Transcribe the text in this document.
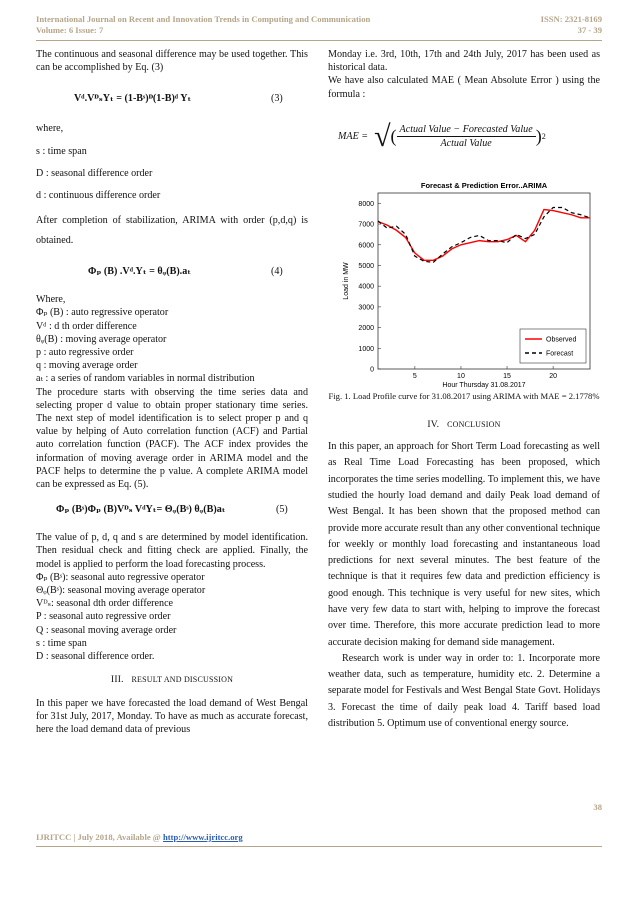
International Journal on Recent and Innovation Trends in Computing and Communication
Volume: 6 Issue: 7
ISSN: 2321-8169
37 - 39

The continuous and seasonal difference may be used together. This can be accomplished by Eq. (3)

Vᵈ.VᴰₛYₜ = (1-Bˢ)ᴰ(1-B)ᵈ Yₜ	(3)

where,

s : time span

D : seasonal difference order

d : continuous difference order

After completion of stabilization, ARIMA with order (p,d,q) is obtained.

Φₚ (B) .Vᵈ.Yₜ = θᵩ(B).aₜ	(4)

Where,

Φₚ (B) : auto regressive operator

Vᵈ : d th order difference

θᵩ(B) : moving average operator

p : auto regressive order

q : moving average order

aₜ : a series of random variables in normal distribution

The procedure starts with observing the time series data and selecting proper d value to obtain proper stationary time series. The next step of model identification is to select proper p and q value by helping of Auto correlation function (ACF) and Partial auto correlation function (PACF). The ACF index provides the information of moving average order in ARIMA model and the PACF helps to determine the p value. A complete ARIMA model can be expressed as Eq. (5).

Φₚ (Bˢ)Φₚ (B)Vᴰₛ VᵈYₜ= Θᵩ(Bˢ) θᵩ(B)aₜ	(5)

The value of p, d, q and s are determined by model identification. Then residual check and fitting check are applied. Finally, the model is applied to perform the load forecasting process.

Φₚ (Bˢ): seasonal auto regressive operator

Θᵩ(Bˢ): seasonal moving average operator

Vᴰₛ: seasonal dth order difference

P : seasonal auto regressive order

Q : seasonal moving average order

s : time span

D : seasonal difference order.

III. RESULT AND DISCUSSION

In this paper we have forecasted the load demand of West Bengal for 31st July, 2017, Monday. To have as much as accurate forecast, here the load demand data of previous

Monday i.e. 3rd, 10th, 17th and 24th July, 2017 has been used as historical data.

We have also calculated MAE ( Mean Absolute Error ) using the formula :

MAE = √ ( $\frac{\text{Actual Value − Forecasted Value}}{\text{Actual Value}}$ ) 2
Forecast & Prediction Error..ARIMA
0
1000
2000
3000
4000
5000
6000
7000
8000
5	10	15	20
Hour Thursday 31.08.2017
Load in MW
Observed
Forecast

Fig. 1. Load Profile curve for 31.08.2017 using ARIMA with MAE = 2.1778%

IV. CONCLUSION

In this paper, an approach for Short Term Load forecasting as well as Real Time Load Forecasting has been proposed, which incorporates the time series modelling. To implement this, we have studied the hourly load demand and daily Peak load demand of West Bengal. It has been shown that the proposed method can provide more accurate result than any other conventional technique for weekly or monthly load forecasting and instantaneous load predictions for next several minutes. The best feature of the technique is that it requires few data and prediction efficiency is good enough. This technique is very useful for new sites, which have very few data to start with, helping to improve the forecast over time. Therefore, this more accurate prediction lead to more accurate decision making for demand side management.

Research work is under way in order to: 1. Incorporate more weather data, such as temperature, humidity etc. 2. Determine a separate model for Festivals and West Bengal State Govt. Holidays 3. Forecast the time of daily peak load 4. Tariff based load distribution 5. Optimum use of conventional energy source.

38
IJRITCC | July 2018, Available @ http://www.ijritcc.org
